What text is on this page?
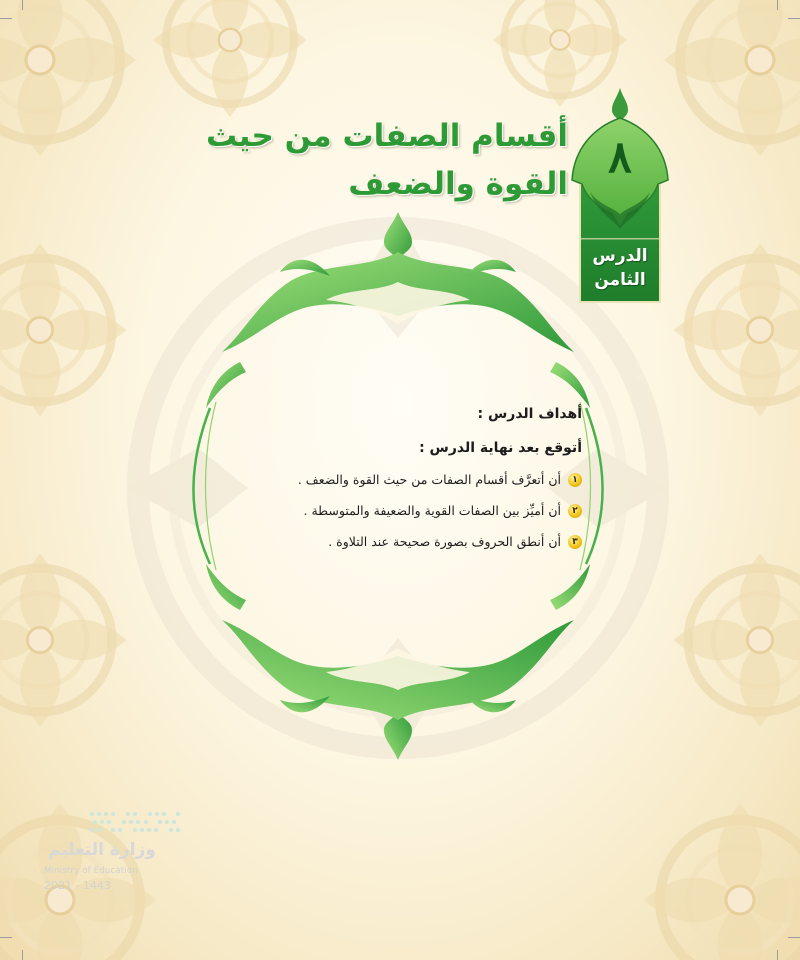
أقسام الصفات من حيث
القوة والضعف
٨
الدرس
الثامن
أهداف الدرس :
أتوقع بعد نهاية الدرس :
١
أن أتعرَّف أقسام الصفات من حيث القوة والضعف .
٢
أن أميِّز بين الصفات القوية والضعيفة والمتوسطة .
٣
أن أنطق الحروف بصورة صحيحة عند التلاوة .
وزارة التعليم
Ministry of Education
2021 - 1443
